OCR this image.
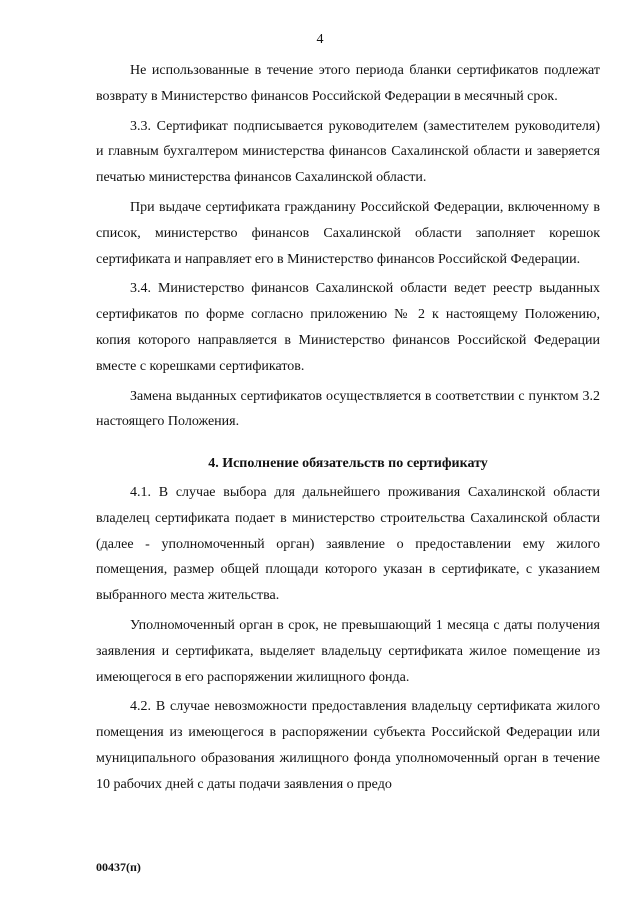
4

Не использованные в течение этого периода бланки сертификатов подлежат возврату в Министерство финансов Российской Федерации в месячный срок.

3.3. Сертификат подписывается руководителем (заместителем руководителя) и главным бухгалтером министерства финансов Сахалинской области и заверяется печатью министерства финансов Сахалинской области.

При выдаче сертификата гражданину Российской Федерации, включенному в список, министерство финансов Сахалинской области заполняет корешок сертификата и направляет его в Министерство финансов Российской Федерации.

3.4. Министерство финансов Сахалинской области ведет реестр выданных сертификатов по форме согласно приложению № 2 к настоящему Положению, копия которого направляется в Министерство финансов Российской Федерации вместе с корешками сертификатов.

Замена выданных сертификатов осуществляется в соответствии с пунктом 3.2 настоящего Положения.

4. Исполнение обязательств по сертификату

4.1. В случае выбора для дальнейшего проживания Сахалинской области владелец сертификата подает в министерство строительства Сахалинской области (далее - уполномоченный орган) заявление о предоставлении ему жилого помещения, размер общей площади которого указан в сертификате, с указанием выбранного места жительства.

Уполномоченный орган в срок, не превышающий 1 месяца с даты получения заявления и сертификата, выделяет владельцу сертификата жилое помещение из имеющегося в его распоряжении жилищного фонда.

4.2. В случае невозможности предоставления владельцу сертификата жилого помещения из имеющегося в распоряжении субъекта Российской Федерации или муниципального образования жилищного фонда уполномоченный орган в течение 10 рабочих дней с даты подачи заявления о предо

00437(п)
